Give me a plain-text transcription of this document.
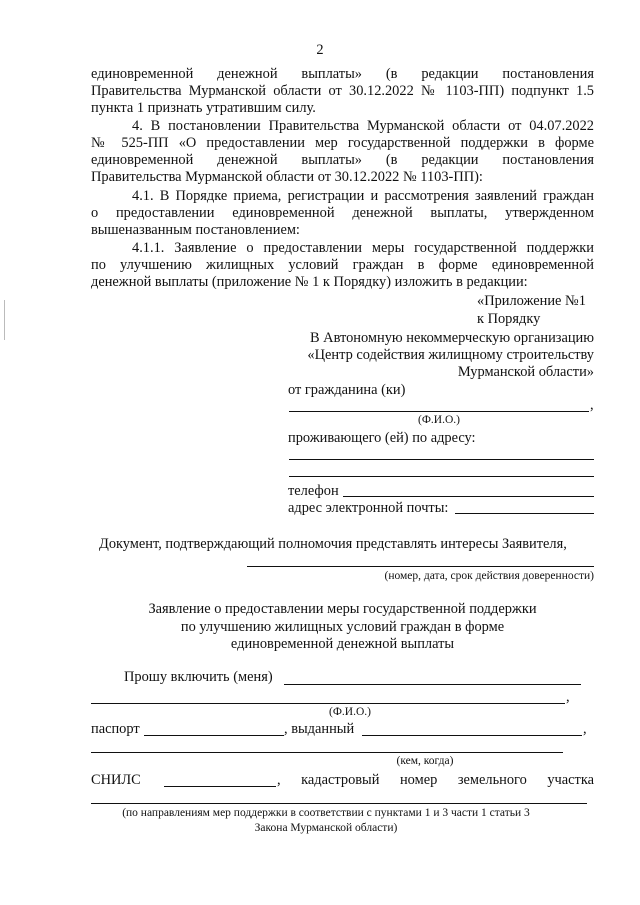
2
единовременной денежной выплаты» (в редакции постановления
Правительства Мурманской области от 30.12.2022 № 1103-ПП) подпункт 1.5
пункта 1 признать утратившим силу.
4. В постановлении Правительства Мурманской области от 04.07.2022
№ 525-ПП «О предоставлении мер государственной поддержки в форме
единовременной денежной выплаты» (в редакции постановления
Правительства Мурманской области от 30.12.2022 № 1103-ПП):
4.1. В Порядке приема, регистрации и рассмотрения заявлений граждан
о предоставлении единовременной денежной выплаты, утвержденном
вышеназванным постановлением:
4.1.1. Заявление о предоставлении меры государственной поддержки
по улучшению жилищных условий граждан в форме единовременной
денежной выплаты (приложение № 1 к Порядку) изложить в редакции:
«Приложение №1
к Порядку
В Автономную некоммерческую организацию
«Центр содействия жилищному строительству
Мурманской области»
от гражданина (ки)
,
(Ф.И.О.)
проживающего (ей) по адресу:
телефон
адрес электронной почты:
Документ, подтверждающий полномочия представлять интересы Заявителя,
(номер, дата, срок действия доверенности)
Заявление о предоставлении меры государственной поддержки
по улучшению жилищных условий граждан в форме
единовременной денежной выплаты
Прошу включить (меня)
,
(Ф.И.О.)
паспорт	, выданный	,
(кем, когда)
СНИЛС	, кадастровый номер земельного участка
(по направлениям мер поддержки в соответствии с пунктами 1 и 3 части 1 статьи 3
Закона Мурманской области)
